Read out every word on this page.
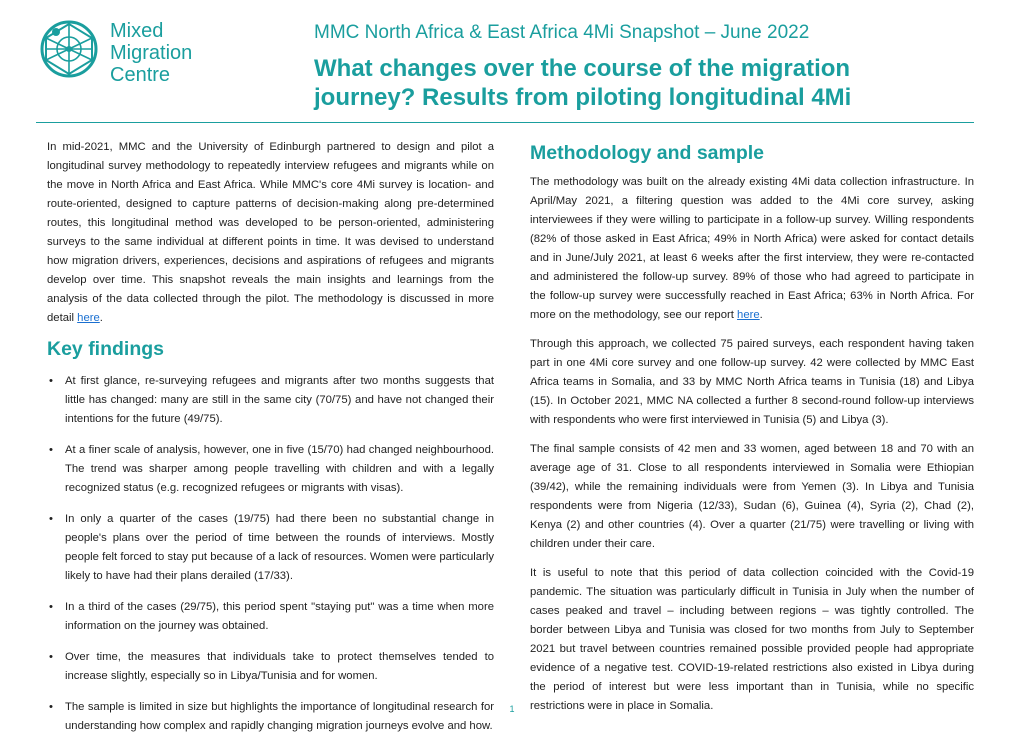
Mixed
Migration
Centre
MMC North Africa & East Africa 4Mi Snapshot – June 2022
What changes over the course of the migration journey? Results from piloting longitudinal 4Mi

In mid-2021, MMC and the University of Edinburgh partnered to design and pilot a longitudinal survey methodology to repeatedly interview refugees and migrants while on the move in North Africa and East Africa. While MMC's core 4Mi survey is location- and route-oriented, designed to capture patterns of decision-making along pre-determined routes, this longitudinal method was developed to be person-oriented, administering surveys to the same individual at different points in time. It was devised to understand how migration drivers, experiences, decisions and aspirations of refugees and migrants develop over time. This snapshot reveals the main insights and learnings from the analysis of the data collected through the pilot. The methodology is discussed in more detail here.

Key findings
• At first glance, re-surveying refugees and migrants after two months suggests that little has changed: many are still in the same city (70/75) and have not changed their intentions for the future (49/75).
• At a finer scale of analysis, however, one in five (15/70) had changed neighbourhood. The trend was sharper among people travelling with children and with a legally recognized status (e.g. recognized refugees or migrants with visas).
• In only a quarter of the cases (19/75) had there been no substantial change in people's plans over the period of time between the rounds of interviews. Mostly people felt forced to stay put because of a lack of resources. Women were particularly likely to have had their plans derailed (17/33).
• In a third of the cases (29/75), this period spent "staying put" was a time when more information on the journey was obtained.
• Over time, the measures that individuals take to protect themselves tended to increase slightly, especially so in Libya/Tunisia and for women.
• The sample is limited in size but highlights the importance of longitudinal research for understanding how complex and rapidly changing migration journeys evolve and how.
Methodology and sample

The methodology was built on the already existing 4Mi data collection infrastructure. In April/May 2021, a filtering question was added to the 4Mi core survey, asking interviewees if they were willing to participate in a follow-up survey. Willing respondents (82% of those asked in East Africa; 49% in North Africa) were asked for contact details and in June/July 2021, at least 6 weeks after the first interview, they were re-contacted and administered the follow-up survey. 89% of those who had agreed to participate in the follow-up survey were successfully reached in East Africa; 63% in North Africa. For more on the methodology, see our report here.

Through this approach, we collected 75 paired surveys, each respondent having taken part in one 4Mi core survey and one follow-up survey. 42 were collected by MMC East Africa teams in Somalia, and 33 by MMC North Africa teams in Tunisia (18) and Libya (15). In October 2021, MMC NA collected a further 8 second-round follow-up interviews with respondents who were first interviewed in Tunisia (5) and Libya (3).

The final sample consists of 42 men and 33 women, aged between 18 and 70 with an average age of 31. Close to all respondents interviewed in Somalia were Ethiopian (39/42), while the remaining individuals were from Yemen (3). In Libya and Tunisia respondents were from Nigeria (12/33), Sudan (6), Guinea (4), Syria (2), Chad (2), Kenya (2) and other countries (4). Over a quarter (21/75) were travelling or living with children under their care.

It is useful to note that this period of data collection coincided with the Covid-19 pandemic. The situation was particularly difficult in Tunisia in July when the number of cases peaked and travel – including between regions – was tightly controlled. The border between Libya and Tunisia was closed for two months from July to September 2021 but travel between countries remained possible provided people had appropriate evidence of a negative test. COVID-19-related restrictions also existed in Libya during the period of interest but were less important than in Tunisia, while no specific restrictions were in place in Somalia.

1
